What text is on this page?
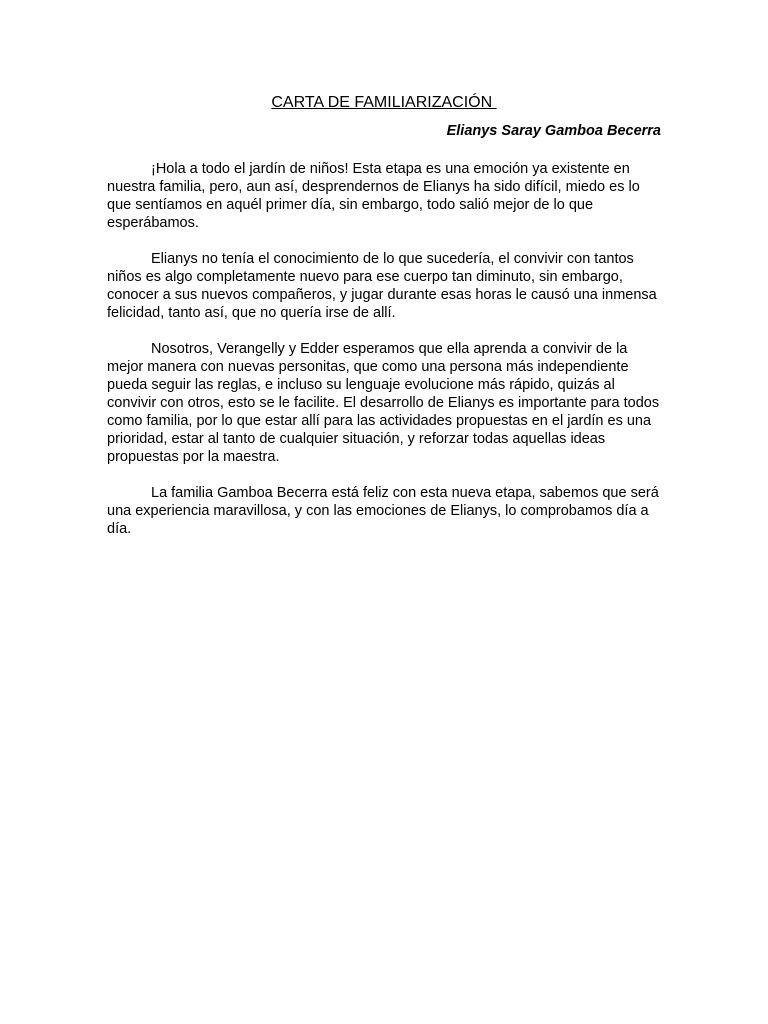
CARTA DE FAMILIARIZACIÓN

Elianys Saray Gamboa Becerra

¡Hola a todo el jardín de niños! Esta etapa es una emoción ya existente en nuestra familia, pero, aun así, desprendernos de Elianys ha sido difícil, miedo es lo que sentíamos en aquél primer día, sin embargo, todo salió mejor de lo que esperábamos.

Elianys no tenía el conocimiento de lo que sucedería, el convivir con tantos niños es algo completamente nuevo para ese cuerpo tan diminuto, sin embargo, conocer a sus nuevos compañeros, y jugar durante esas horas le causó una inmensa felicidad, tanto así, que no quería irse de allí.

Nosotros, Verangelly y Edder esperamos que ella aprenda a convivir de la mejor manera con nuevas personitas, que como una persona más independiente pueda seguir las reglas, e incluso su lenguaje evolucione más rápido, quizás al convivir con otros, esto se le facilite. El desarrollo de Elianys es importante para todos como familia, por lo que estar allí para las actividades propuestas en el jardín es una prioridad, estar al tanto de cualquier situación, y reforzar todas aquellas ideas propuestas por la maestra.

La familia Gamboa Becerra está feliz con esta nueva etapa, sabemos que será una experiencia maravillosa, y con las emociones de Elianys, lo comprobamos día a día.
